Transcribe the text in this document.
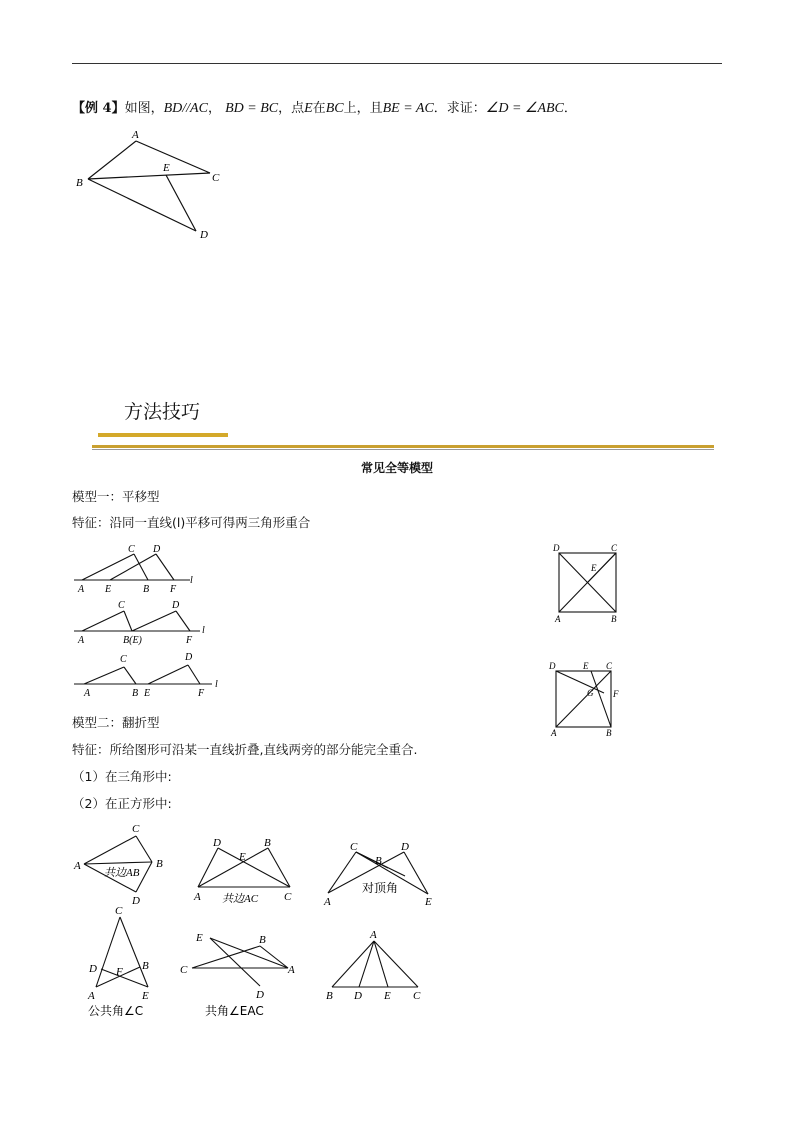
【例 4】如图，BD//AC， BD = BC，点E在BC上，且BE = AC．求证：∠D = ∠ABC．
A
B
E
C
D
方法技巧
常见全等模型
模型一：平移型
特征：沿同一直线(l)平移可得两三角形重合
A E
C D
B F
l
A
C
B(E)
D
F
l
A
C
B E
D
F
l
D	C
E
A	B
D	E C
G F
A	B
模型二：翻折型
特征：所给图形可沿某一直线折叠,直线两旁的部分能完全重合.
（1）在三角形中:
（2）在正方形中:
A
C
B
D
共边AB
D	B
E
A	C
共边AC
C
B
D
A	E
对顶角
C
D F B
A	E
公共角∠C
E	B
C	A
D
共角∠EAC
A
B D E C
